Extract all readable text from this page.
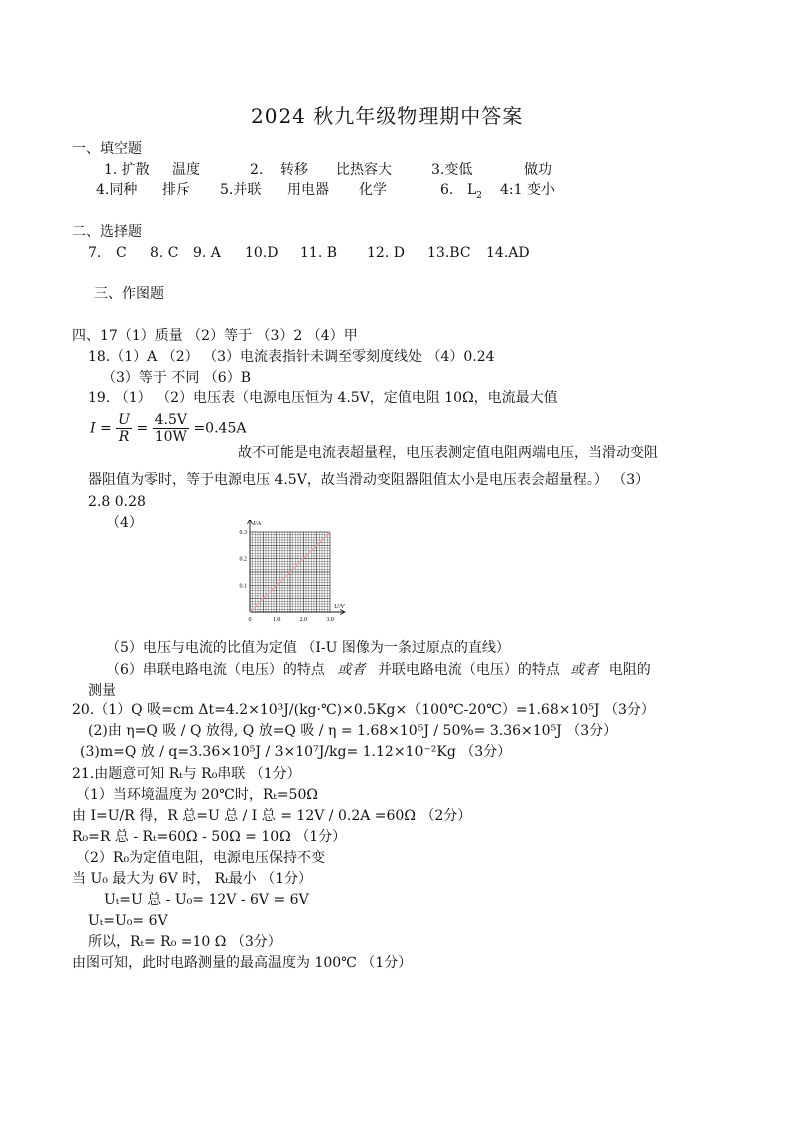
2024 秋九年级物理期中答案
一、填空题
1. 扩散 温度	2. 转移 比热容大	3.变低	做功
4.同种 排斥 5.并联 用电器 化学	6. $L_2$ 4:1 变小
二、选择题
7. C 8. C 9. A 10.D 11. B 12. D 13.BC 14.AD
三、作图题
四、17（1）质量 （2）等于 （3）2 （4）甲
18.（1）A （2） （3）电流表指针未调至零刻度线处 （4）0.24
（3）等于 不同 （6）B
19. （1） （2）电压表（电源电压恒为 4.5V，定值电阻 10Ω，电流最大值
$I = \frac{U}{R} = \frac{4.5V}{10W} =0.45A$
故不可能是电流表超量程，电压表测定值电阻两端电压，当滑动变阻
器阻值为零时，等于电源电压 4.5V，故当滑动变阻器阻值太小是电压表会超量程。） （3）
2.8 0.28
（4）	I/A
U/V
0	1.0	2.0	3.0
0.1
0.2
0.3
（5）电压与电流的比值为定值 （I-U 图像为一条过原点的直线）
（6）串联电路电流（电压）的特点 或者 并联电路电流（电压）的特点 或者 电阻的
测量
20.（1）Q 吸=cm Δt=4.2×10³J/(kg·℃)×0.5Kg×（100℃-20℃）=1.68×10⁵J （3分）
(2)由 η=Q 吸 / Q 放得, Q 放=Q 吸 / η = 1.68×10⁵J / 50%= 3.36×10⁵J （3分）
(3)m=Q 放 / q=3.36×10⁵J / 3×10⁷J/kg= 1.12×10⁻²Kg （3分）
21.由题意可知 Rₜ与 R₀串联 （1分）
（1）当环境温度为 20℃时，Rₜ=50Ω
由 I=U/R 得，R 总=U 总 / I 总 = 12V / 0.2A =60Ω （2分）
R₀=R 总 - Rₜ=60Ω - 50Ω = 10Ω （1分）
（2）R₀为定值电阻，电源电压保持不变
当 U₀ 最大为 6V 时， Rₜ最小 （1分）
Uₜ=U 总 - U₀= 12V - 6V = 6V
Uₜ=U₀= 6V
所以，Rₜ= R₀ =10 Ω （3分）
由图可知，此时电路测量的最高温度为 100℃ （1分）
